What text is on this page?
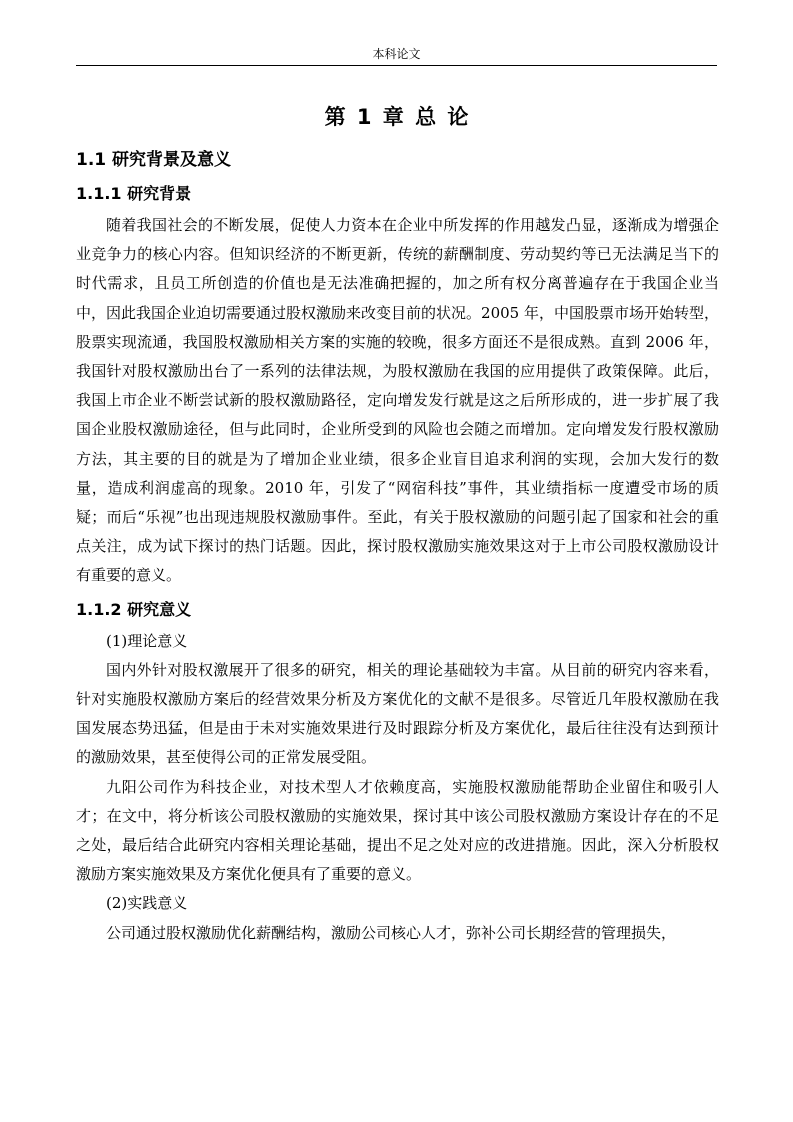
本科论文
第 1 章 总 论
1.1 研究背景及意义
1.1.1 研究背景

随着我国社会的不断发展，促使人力资本在企业中所发挥的作用越发凸显，逐渐成为增强企业竞争力的核心内容。但知识经济的不断更新，传统的薪酬制度、劳动契约等已无法满足当下的时代需求，且员工所创造的价值也是无法准确把握的，加之所有权分离普遍存在于我国企业当中，因此我国企业迫切需要通过股权激励来改变目前的状况。2005 年，中国股票市场开始转型，股票实现流通，我国股权激励相关方案的实施的较晚，很多方面还不是很成熟。直到 2006 年，我国针对股权激励出台了一系列的法律法规，为股权激励在我国的应用提供了政策保障。此后，我国上市企业不断尝试新的股权激励路径，定向增发发行就是这之后所形成的，进一步扩展了我国企业股权激励途径，但与此同时，企业所受到的风险也会随之而增加。定向增发发行股权激励方法，其主要的目的就是为了增加企业业绩，很多企业盲目追求利润的实现，会加大发行的数量，造成利润虚高的现象。2010 年，引发了“网宿科技”事件，其业绩指标一度遭受市场的质疑；而后“乐视”也出现违规股权激励事件。至此，有关于股权激励的问题引起了国家和社会的重点关注，成为试下探讨的热门话题。因此，探讨股权激励实施效果这对于上市公司股权激励设计有重要的意义。

1.1.2 研究意义

(1)理论意义

国内外针对股权激展开了很多的研究，相关的理论基础较为丰富。从目前的研究内容来看，针对实施股权激励方案后的经营效果分析及方案优化的文献不是很多。尽管近几年股权激励在我国发展态势迅猛，但是由于未对实施效果进行及时跟踪分析及方案优化，最后往往没有达到预计的激励效果，甚至使得公司的正常发展受阻。

九阳公司作为科技企业，对技术型人才依赖度高，实施股权激励能帮助企业留住和吸引人才；在文中，将分析该公司股权激励的实施效果，探讨其中该公司股权激励方案设计存在的不足之处，最后结合此研究内容相关理论基础，提出不足之处对应的改进措施。因此，深入分析股权激励方案实施效果及方案优化便具有了重要的意义。

(2)实践意义

公司通过股权激励优化薪酬结构，激励公司核心人才，弥补公司长期经营的管理损失，
